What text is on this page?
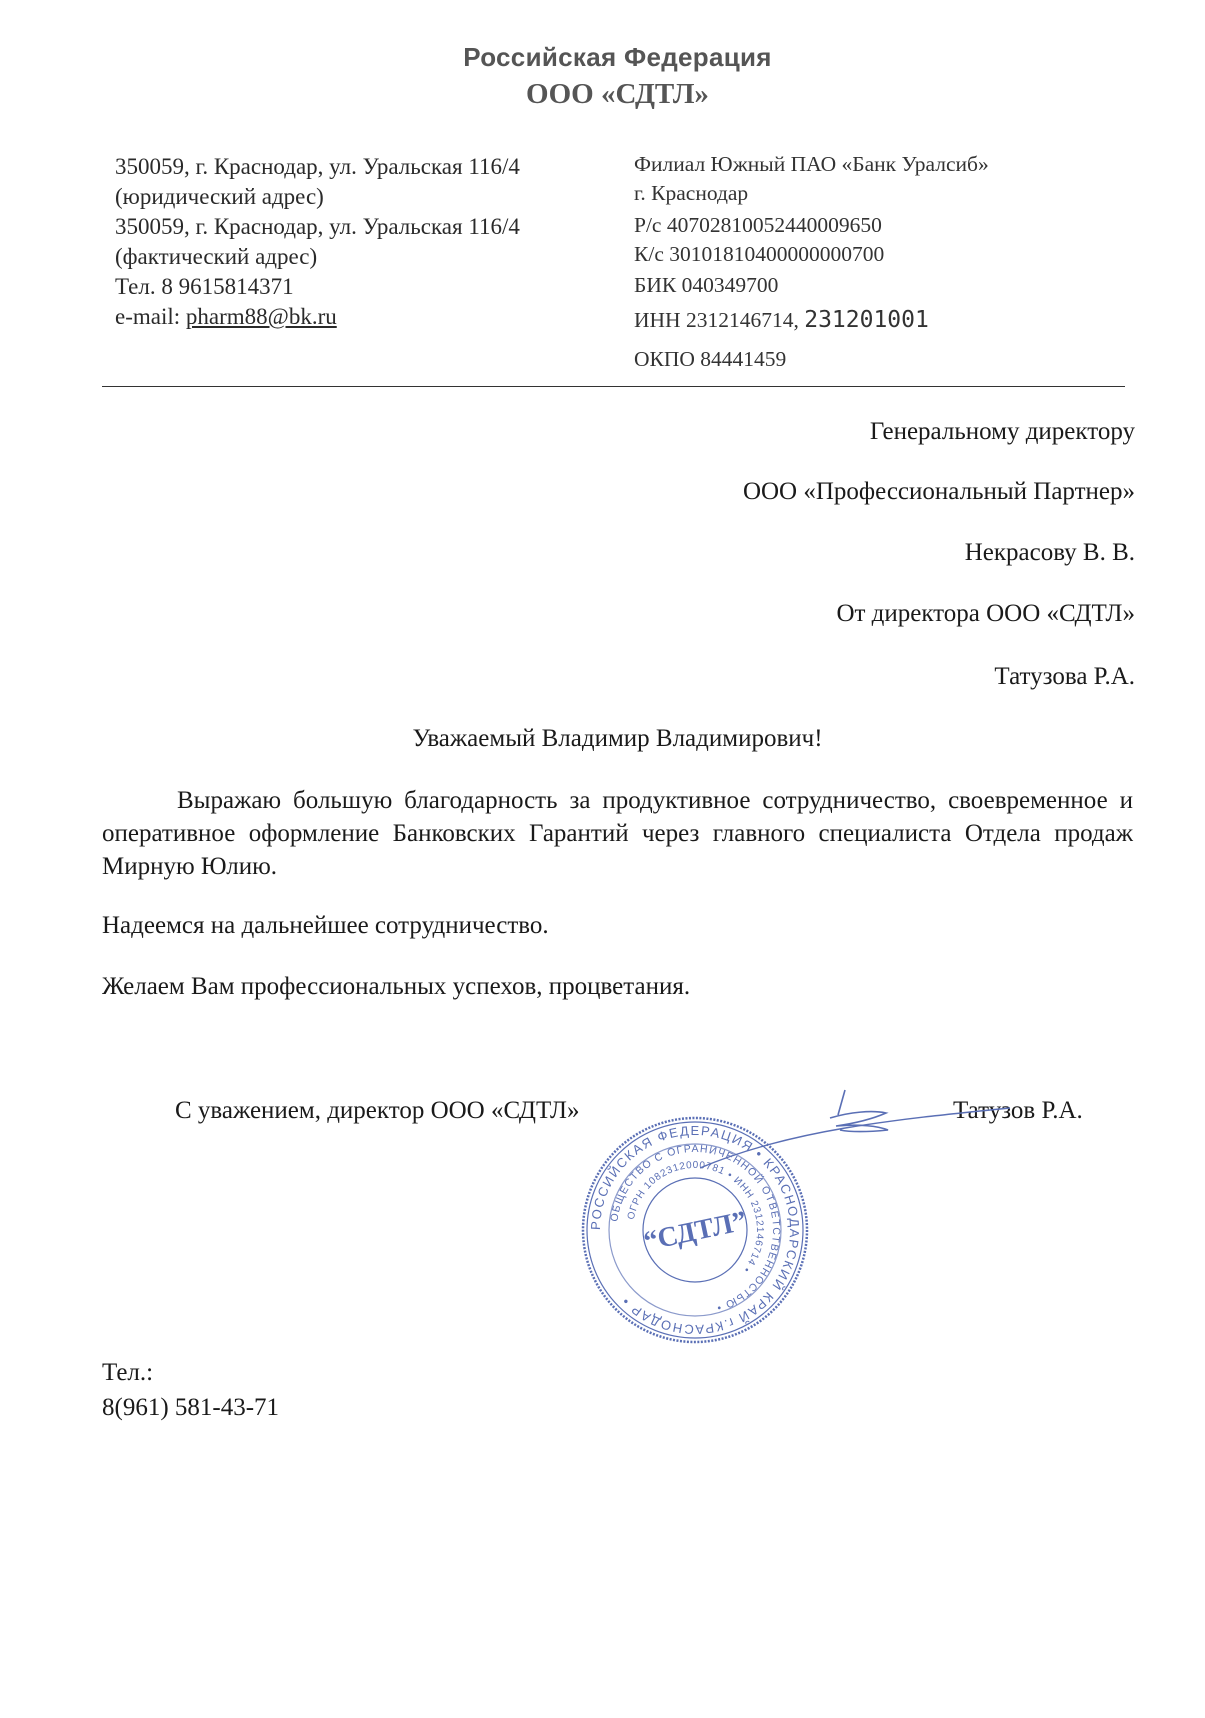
Российская Федерация
ООО «СДТЛ»
350059, г. Краснодар, ул. Уральская 116/4
(юридический адрес)
350059, г. Краснодар, ул. Уральская 116/4
(фактический адрес)
Тел. 8 9615814371
e-mail: pharm88@bk.ru
Филиал Южный ПАО «Банк Уралсиб»
г. Краснодар
Р/с 40702810052440009650
К/с 30101810400000000700
БИК 040349700
ИНН 2312146714, 231201001
ОКПО 84441459
Генеральному директору
ООО «Профессиональный Партнер»
Некрасову В. В.
От директора ООО «СДТЛ»
Татузова Р.А.
Уважаемый Владимир Владимирович!

Выражаю большую благодарность за продуктивное сотрудничество, своевременное и оперативное оформление Банковских Гарантий через главного специалиста Отдела продаж Мирную Юлию.

Надеемся на дальнейшее сотрудничество.

Желаем Вам профессиональных успехов, процветания.

С уважением, директор ООО «СДТЛ»	Татузов Р.А.
РОССИЙСКАЯ ФЕДЕРАЦИЯ • КРАСНОДАРСКИЙ КРАЙ г.КРАСНОДАР •
ОБЩЕСТВО С ОГРАНИЧЕННОЙ ОТВЕТСТВЕННОСТЬЮ •
ОГРН 1082312000781 • ИНН 2312146714 •
“СДТЛ”
Тел.:
8(961) 581-43-71
